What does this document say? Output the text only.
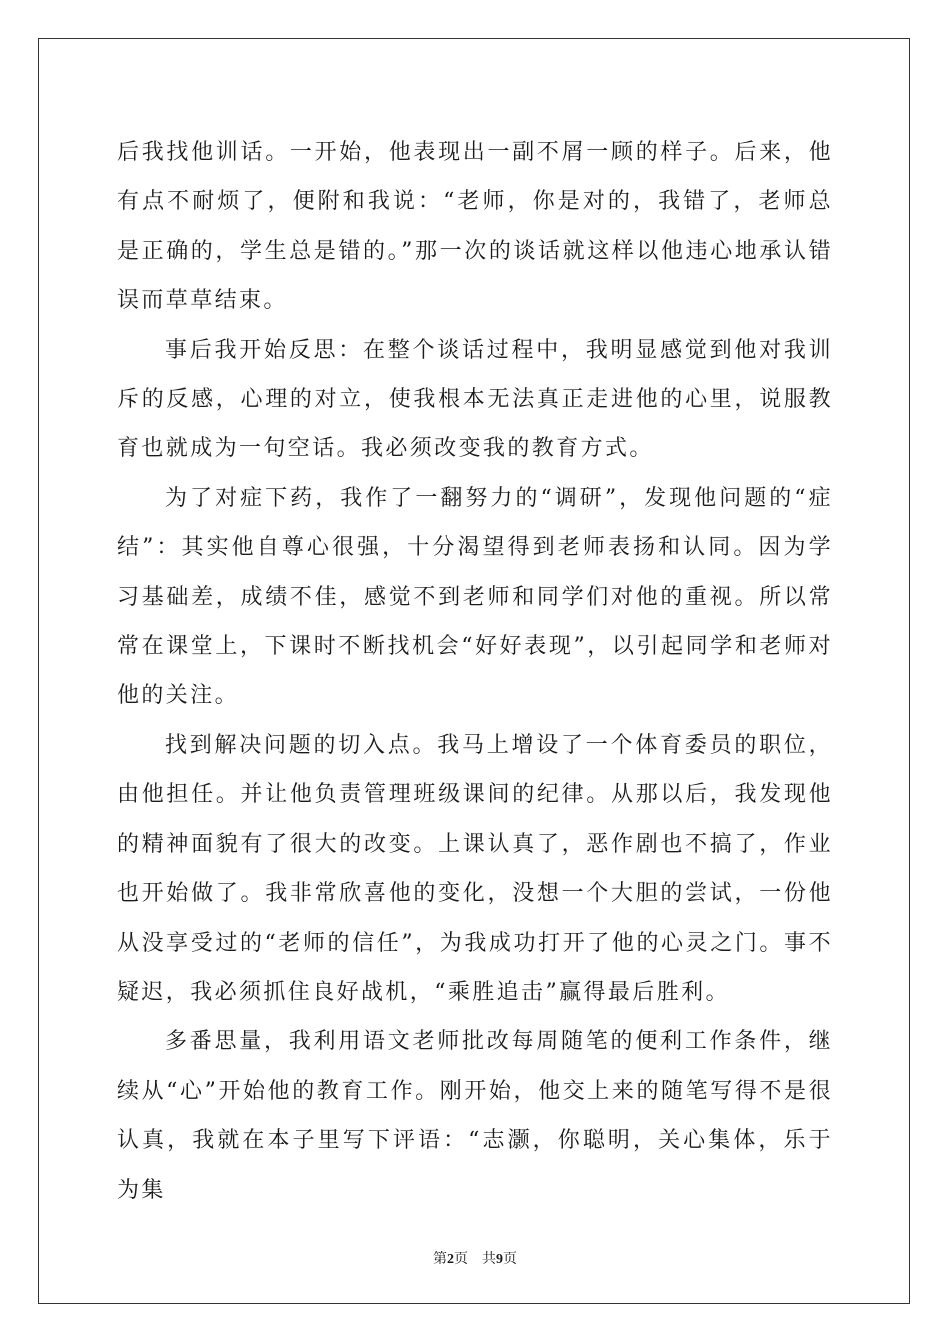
后我找他训话。一开始，他表现出一副不屑一顾的样子。后来，他有点不耐烦了，便附和我说：“老师，你是对的，我错了，老师总是正确的，学生总是错的。”那一次的谈话就这样以他违心地承认错误而草草结束。

事后我开始反思：在整个谈话过程中，我明显感觉到他对我训斥的反感，心理的对立，使我根本无法真正走进他的心里，说服教育也就成为一句空话。我必须改变我的教育方式。

为了对症下药，我作了一翻努力的“调研”，发现他问题的“症结”：其实他自尊心很强，十分渴望得到老师表扬和认同。因为学习基础差，成绩不佳，感觉不到老师和同学们对他的重视。所以常常在课堂上，下课时不断找机会“好好表现”，以引起同学和老师对他的关注。

找到解决问题的切入点。我马上增设了一个体育委员的职位，由他担任。并让他负责管理班级课间的纪律。从那以后，我发现他的精神面貌有了很大的改变。上课认真了，恶作剧也不搞了，作业也开始做了。我非常欣喜他的变化，没想一个大胆的尝试，一份他从没享受过的“老师的信任”，为我成功打开了他的心灵之门。事不疑迟，我必须抓住良好战机，“乘胜追击”赢得最后胜利。

多番思量，我利用语文老师批改每周随笔的便利工作条件，继续从“心”开始他的教育工作。刚开始，他交上来的随笔写得不是很认真，我就在本子里写下评语：“志灏，你聪明，关心集体，乐于为集

第2页 共9页
